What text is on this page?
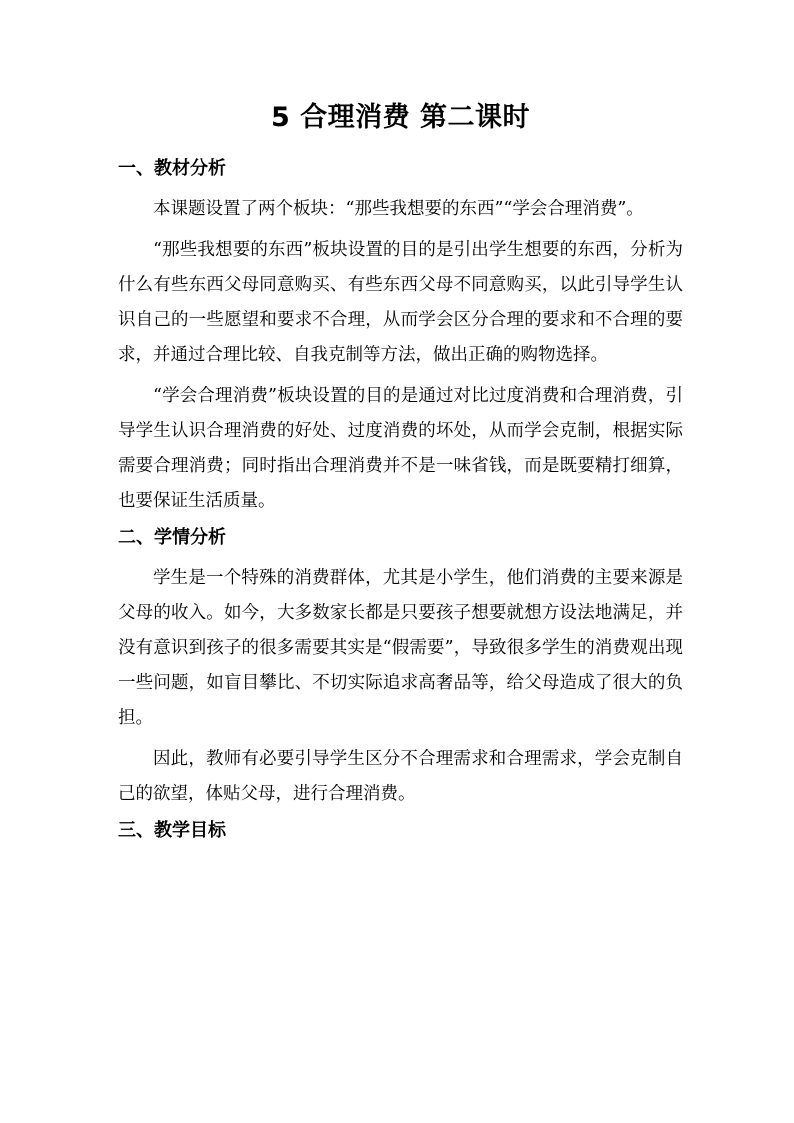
5 合理消费 第二课时
一、教材分析

本课题设置了两个板块：“那些我想要的东西”“学会合理消费”。

“那些我想要的东西”板块设置的目的是引出学生想要的东西，分析为什么有些东西父母同意购买、有些东西父母不同意购买，以此引导学生认识自己的一些愿望和要求不合理，从而学会区分合理的要求和不合理的要求，并通过合理比较、自我克制等方法，做出正确的购物选择。

“学会合理消费”板块设置的目的是通过对比过度消费和合理消费，引导学生认识合理消费的好处、过度消费的坏处，从而学会克制，根据实际需要合理消费；同时指出合理消费并不是一味省钱，而是既要精打细算，也要保证生活质量。

二、学情分析

学生是一个特殊的消费群体，尤其是小学生，他们消费的主要来源是父母的收入。如今，大多数家长都是只要孩子想要就想方设法地满足，并没有意识到孩子的很多需要其实是“假需要”，导致很多学生的消费观出现一些问题，如盲目攀比、不切实际追求高奢品等，给父母造成了很大的负担。

因此，教师有必要引导学生区分不合理需求和合理需求，学会克制自己的欲望，体贴父母，进行合理消费。

三、教学目标
